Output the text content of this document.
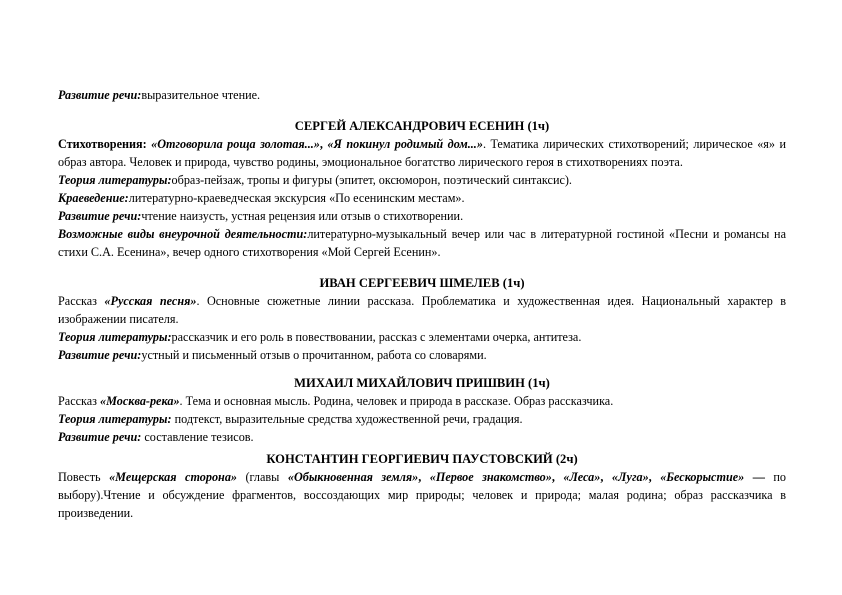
Развитие речи:выразительное чтение.

СЕРГЕЙ АЛЕКСАНДРОВИЧ ЕСЕНИН (1ч)

Стихотворения: «Отговорила роща золотая...», «Я покинул родимый дом...». Тематика лирических стихотворений; лирическое «я» и образ автора. Человек и природа, чувство родины, эмоциональное богатство лирического героя в стихотворениях поэта.

Теория литературы:образ-пейзаж, тропы и фигуры (эпитет, оксюморон, поэтический синтаксис).

Краеведение:литературно-краеведческая экскурсия «По есенинским местам».

Развитие речи:чтение наизусть, устная рецензия или отзыв о стихотворении.

Возможные виды внеурочной деятельности:литературно-музыкальный вечер или час в литературной гостиной «Песни и романсы на стихи С.А. Есенина», вечер одного стихотворения «Мой Сергей Есенин».

ИВАН СЕРГЕЕВИЧ ШМЕЛЕВ (1ч)

Рассказ «Русская песня». Основные сюжетные линии рассказа. Проблематика и художественная идея. Национальный характер в изображении писателя.

Теория литературы:рассказчик и его роль в повествовании, рассказ с элементами очерка, антитеза.

Развитие речи:устный и письменный отзыв о прочитанном, работа со словарями.

МИХАИЛ МИХАЙЛОВИЧ ПРИШВИН (1ч)

Рассказ «Москва-река». Тема и основная мысль. Родина, человек и природа в рассказе. Образ рассказчика.

Теория литературы: подтекст, выразительные средства художественной речи, градация.

Развитие речи: составление тезисов.

КОНСТАНТИН ГЕОРГИЕВИЧ ПАУСТОВСКИЙ (2ч)

Повесть «Мещерская сторона» (главы «Обыкновенная земля», «Первое знакомство», «Леса», «Луга», «Бескорыстие» — по выбору).Чтение и обсуждение фрагментов, воссоздающих мир природы; человек и природа; малая родина; образ рассказчика в произведении.
